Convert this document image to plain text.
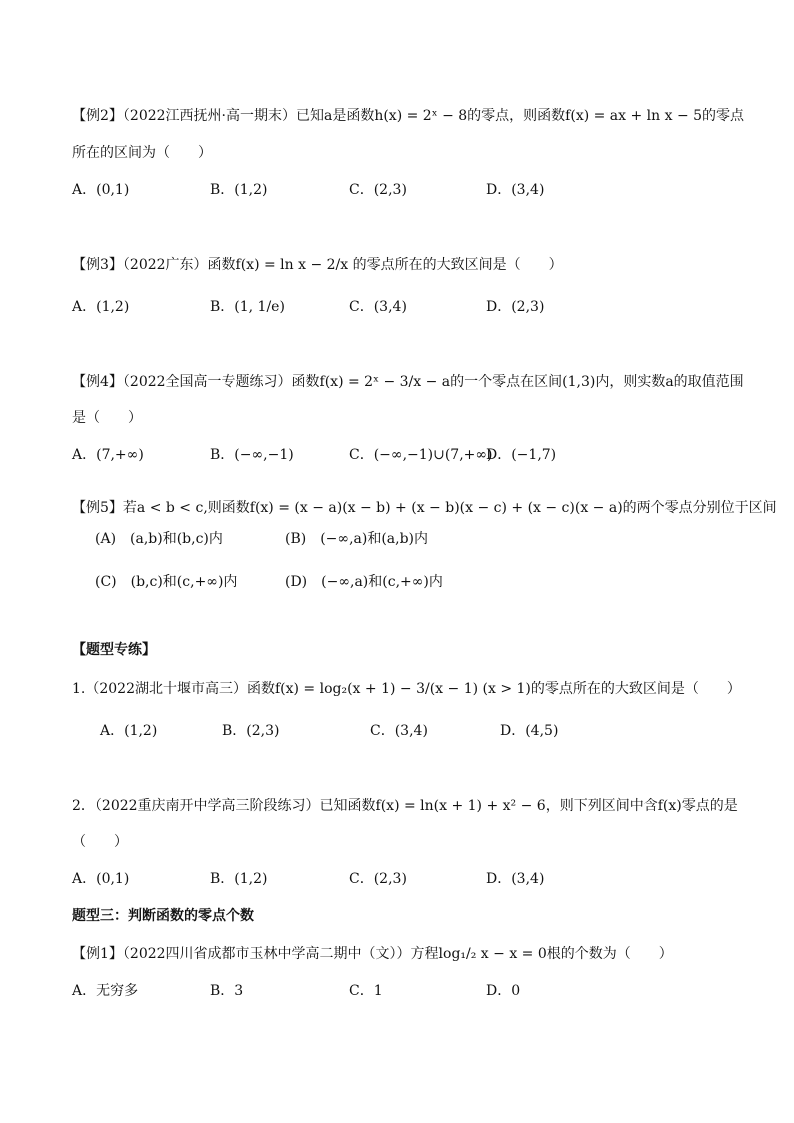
【例2】（2022江西抚州·高一期末）已知a是函数h(x) = 2ˣ − 8的零点，则函数f(x) = ax + ln x − 5的零点
所在的区间为（　　）
A．(0,1)	B．(1,2)	C．(2,3)	D．(3,4)
【例3】（2022广东）函数f(x) = ln x − 2/x 的零点所在的大致区间是（　　）
A．(1,2)	B．(1, 1/e)	C．(3,4)	D．(2,3)
【例4】（2022全国高一专题练习）函数f(x) = 2ˣ − 3/x − a的一个零点在区间(1,3)内，则实数a的取值范围
是（　　）
A．(7,+∞)	B．(−∞,−1)	C．(−∞,−1)∪(7,+∞)
D．(−1,7)
【例5】若a < b < c,则函数f(x) = (x − a)(x − b) + (x − b)(x − c) + (x − c)(x − a)的两个零点分别位于区间
(A)　(a,b)和(b,c)内	(B)　(−∞,a)和(a,b)内
(C)　(b,c)和(c,+∞)内	(D)　(−∞,a)和(c,+∞)内
【题型专练】
1.（2022湖北十堰市高三）函数f(x) = log₂(x + 1) − 3/(x − 1) (x > 1)的零点所在的大致区间是（　　）
A．(1,2)	B．(2,3)	C．(3,4)	D．(4,5)
2．（2022重庆南开中学高三阶段练习）已知函数f(x) = ln(x + 1) + x² − 6，则下列区间中含f(x)零点的是
（　　）
A．(0,1)	B．(1,2)	C．(2,3)	D．(3,4)
题型三：判断函数的零点个数
【例1】（2022四川省成都市玉林中学高二期中（文））方程log₁/₂ x − x = 0根的个数为（　　）
A．无穷多	B．3	C．1	D．0
